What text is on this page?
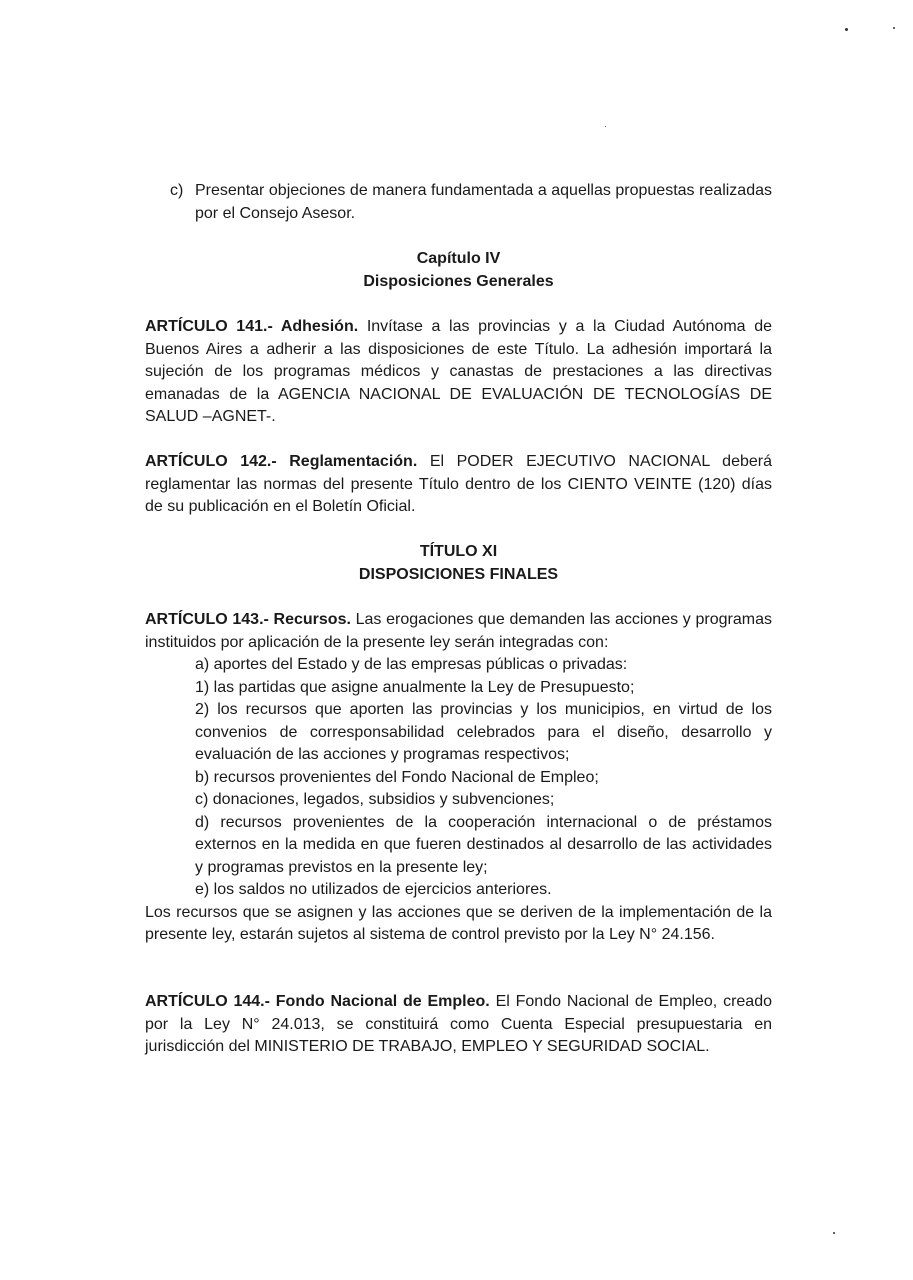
c) Presentar objeciones de manera fundamentada a aquellas propuestas realizadas por el Consejo Asesor.
Capítulo IV
Disposiciones Generales

ARTÍCULO 141.- Adhesión. Invítase a las provincias y a la Ciudad Autónoma de Buenos Aires a adherir a las disposiciones de este Título. La adhesión importará la sujeción de los programas médicos y canastas de prestaciones a las directivas emanadas de la AGENCIA NACIONAL DE EVALUACIÓN DE TECNOLOGÍAS DE SALUD –AGNET-.

ARTÍCULO 142.- Reglamentación. El PODER EJECUTIVO NACIONAL deberá reglamentar las normas del presente Título dentro de los CIENTO VEINTE (120) días de su publicación en el Boletín Oficial.

TÍTULO XI
DISPOSICIONES FINALES

ARTÍCULO 143.- Recursos. Las erogaciones que demanden las acciones y programas instituidos por aplicación de la presente ley serán integradas con:

a) aportes del Estado y de las empresas públicas o privadas:

1) las partidas que asigne anualmente la Ley de Presupuesto;

2) los recursos que aporten las provincias y los municipios, en virtud de los convenios de corresponsabilidad celebrados para el diseño, desarrollo y evaluación de las acciones y programas respectivos;

b) recursos provenientes del Fondo Nacional de Empleo;

c) donaciones, legados, subsidios y subvenciones;

d) recursos provenientes de la cooperación internacional o de préstamos externos en la medida en que fueren destinados al desarrollo de las actividades y programas previstos en la presente ley;

e) los saldos no utilizados de ejercicios anteriores.

Los recursos que se asignen y las acciones que se deriven de la implementación de la presente ley, estarán sujetos al sistema de control previsto por la Ley N° 24.156.

ARTÍCULO 144.- Fondo Nacional de Empleo. El Fondo Nacional de Empleo, creado por la Ley N° 24.013, se constituirá como Cuenta Especial presupuestaria en jurisdicción del MINISTERIO DE TRABAJO, EMPLEO Y SEGURIDAD SOCIAL.
